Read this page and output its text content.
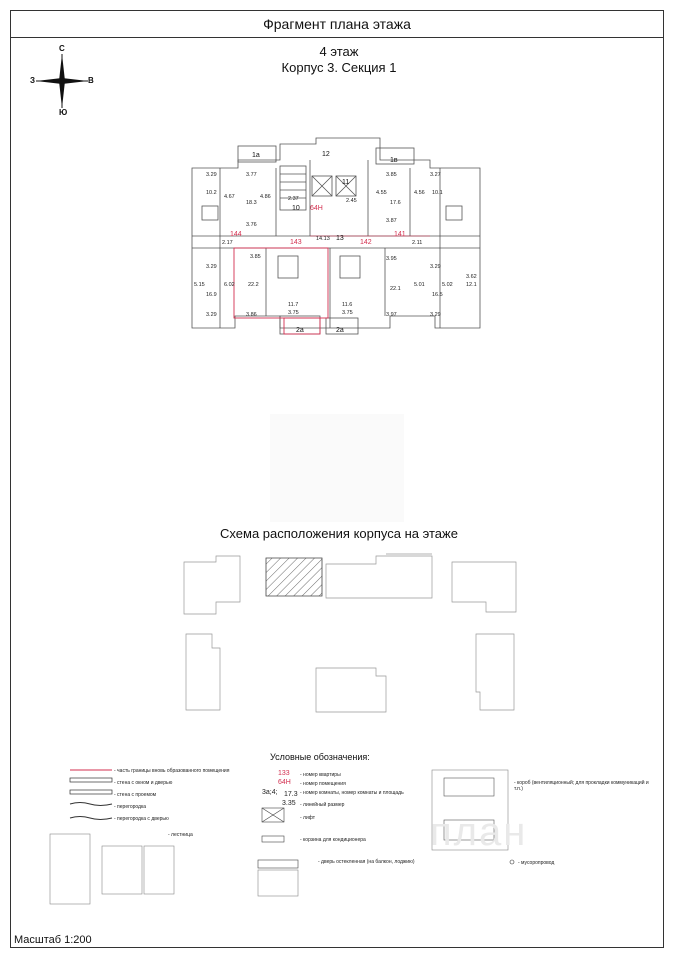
Фрагмент плана этажа
4 этаж
Корпус 3. Секция 1
С
Ю
З	В
1а
1в
12
11
10
13
2а	2а
144
143	142
141
64Н
3.29	3.77	3.85	3.27
10.2
18.3	17.6
10.1
14.13
3.76
3.87
3.85	3.95
3.29	3.29
22.2
16.9
11.7	11.6
22.1
16.5
3.29	3.86	3.75	3.75	3.97	3.29
2.45
2.37
2.17	2.11
5.15	6.02	5.01	5.02
3.62
12.1
4.55	4.56
4.67	4.86
Схема расположения корпуса на этаже
Условные обозначения:
- часть границы вновь образованного помещения
- стена с окном и дверью
- стена с проемом
- перегородка
- перегородка с дверью
- лестница
133
64Н
3а;4; 17.3
3.35
- номер квартиры
- номер помещения
- номер комнаты, номер комнаты и площадь
- линейный размер
- лифт
- корзина для кондиционера
- дверь остекленная (на балкон, лоджию)
- короб (вентиляционный; для прокладки коммуникаций и т.п.)
- мусоропровод
план
Масштаб 1:200
